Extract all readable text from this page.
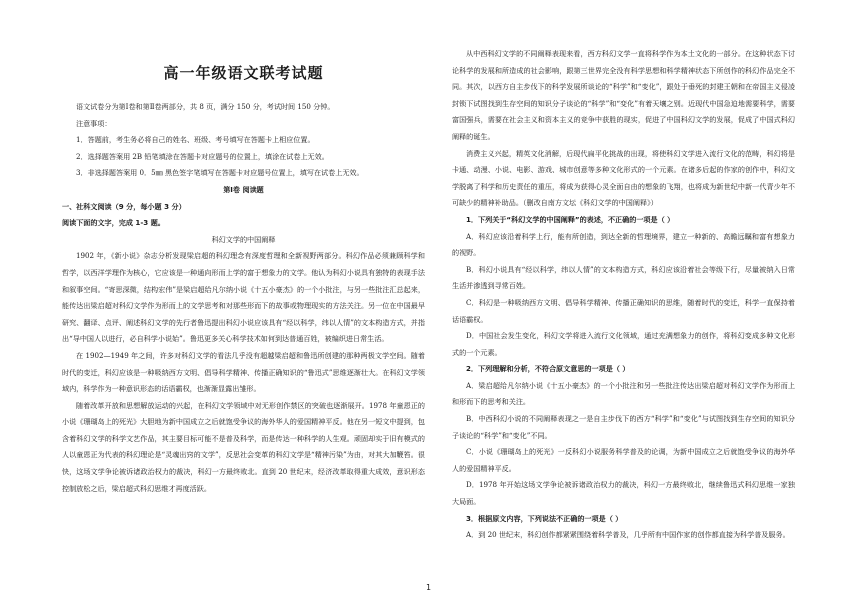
高一年级语文联考试题

语文试卷分为第Ⅰ卷和第Ⅱ卷两部分，共 8 页，满分 150 分，考试时间 150 分钟。

注意事项：

1．答题前，考生务必将自己的姓名、班级、考号填写在答题卡上相应位置。

2．选择题答案用 2B 铅笔填涂在答题卡对应题号的位置上，填涂在试卷上无效。

3．非选择题答案用 0．5㎜ 黑色签字笔填写在答题卡对应题号位置上，填写在试卷上无效。

第Ⅰ卷 阅读题

一、社科文阅读（9 分，每小题 3 分）

阅读下面的文字，完成 1-3 题。

科幻文学的中国阐释

1902 年，《新小说》杂志分析发现梁启超的科幻理念有深度哲理和全新视野两部分。科幻作品必须兼顾科学和哲学，以西洋学理作为核心，它应该是一种通向形而上学的富于想象力的文学。他认为科幻小说具有独特的表现手法和叙事空间。“寄思深微，结构宏伟”是梁启超给凡尔纳小说《十五小豪杰》的一个小批注，与另一些批注汇总起来，能传达出梁启超对科幻文学作为形而上的文学思考和对那些形而下的故事或物理现实的方法关注。另一位在中国最早研究、翻译、点评、阐述科幻文学的先行者鲁迅提出科幻小说应该具有“经以科学，纬以人情”的文本构造方式，并指出“导中国人以进行，必自科学小说始”。鲁迅更多关心科学技术如何到达普通百姓，被编织进日常生活。

在 1902—1949 年之间，许多对科幻文学的看法几乎没有超越梁启超和鲁迅所创建的那种两极文学空间。随着时代的变迁，科幻应该是一种吸纳西方文明、倡导科学精神、传播正确知识的“鲁迅式”思维逐渐壮大。在科幻文学领域内，科学作为一种意识形态的话语霸权，也渐渐显露出雏形。

随着改革开放和思想解放运动的兴起，在科幻文学领域中对无形创作禁区的突破也逐渐展开。1978 年童恩正的小说《珊瑚岛上的死光》大胆地为新中国成立之后就饱受争议的海外华人的爱国精神平反。他在另一短文中提到，包含着科幻文学的科学文艺作品，其主要目标可能不是普及科学，而是传达一种科学的人生观。顽固却实于旧有模式的人以童恩正为代表的科幻理论是“灵魂出窍的文学”，反思社会变革的科幻文学是“精神污染”为由，对其大加鞭笞。很快，这场文学争论被诉诸政治权力的裁决，科幻一方最终败北。直到 20 世纪末，经济改革取得重大成效，意识形态控制放松之后，梁启超式科幻思维才再度活跃。

从中西科幻文学的不同阐释表现来看，西方科幻文学一直将科学作为本土文化的一部分。在这种状态下讨论科学的发展和所造成的社会影响，跟第三世界完全没有科学思想和科学精神状态下所创作的科幻作品完全不同。其次，以西方自主步伐下的科学发展所谈论的“科学”和“变化”，跟处于垂死的封建王朝和在帝国主义侵凌封锁下试图找到生存空间的知识分子谈论的“科学”和“变化”有着天壤之别。近现代中国急迫地需要科学，需要富国强兵，需要在社会主义和资本主义的竞争中获胜的现实，促进了中国科幻文学的发展，促成了中国式科幻阐释的诞生。

消费主义兴起，精英文化消解，后现代扁平化挑战的出现，将使科幻文学进入流行文化的范畴，科幻将是卡通、动漫、小说、电影、游戏、城市创意等多种文化形式的一个元素。在诸多后起的作家的创作中，科幻文学脱离了科学和历史责任的重压，将成为获得心灵全面自由的想象的飞翔，也将成为新世纪中新一代青少年不可缺少的精神补助品。（删改自南方文坛《科幻文学的中国阐释》）

1．下列关于“科幻文学的中国阐释”的表述，不正确的一项是（ ）

A．科幻应该沿着科学上行，能有所创造，到达全新的哲理境界，建立一种新的、高瞻远瞩和富有想象力的视野。

B．科幻小说具有“经以科学，纬以人情”的文本构造方式，科幻应该沿着社会等级下行，尽量被纳入日常生活并渗透到寻常百姓。

C．科幻是一种吸纳西方文明、倡导科学精神、传播正确知识的思维，随着时代的变迁，科学一直保持着话语霸权。

D．中国社会发生变化，科幻文学将进入流行文化领域，通过充满想象力的创作，将科幻变成多种文化形式的一个元素。

2．下列理解和分析，不符合原文意思的一项是（ ）

A．梁启超给凡尔纳小说《十五小豪杰》的一个小批注和另一些批注传达出梁启超对科幻文学作为形而上和形而下的思考和关注。

B．中西科幻小说的不同阐释表现之一是自主步伐下的西方“科学”和“变化”与试图找到生存空间的知识分子谈论的“科学”和“变化”不同。

C．小说《珊瑚岛上的死光》一反科幻小说服务科学普及的论调，为新中国成立之后就饱受争议的海外华人的爱国精神平反。

D．1978 年开始这场文学争论被诉诸政治权力的裁决，科幻一方最终败北，继续鲁迅式科幻思维一家独大局面。

3．根据原文内容，下列说法不正确的一项是（ ）

A．到 20 世纪末，科幻创作都紧紧围绕着科学普及，几乎所有中国作家的创作都直接为科学普及服务。

1
